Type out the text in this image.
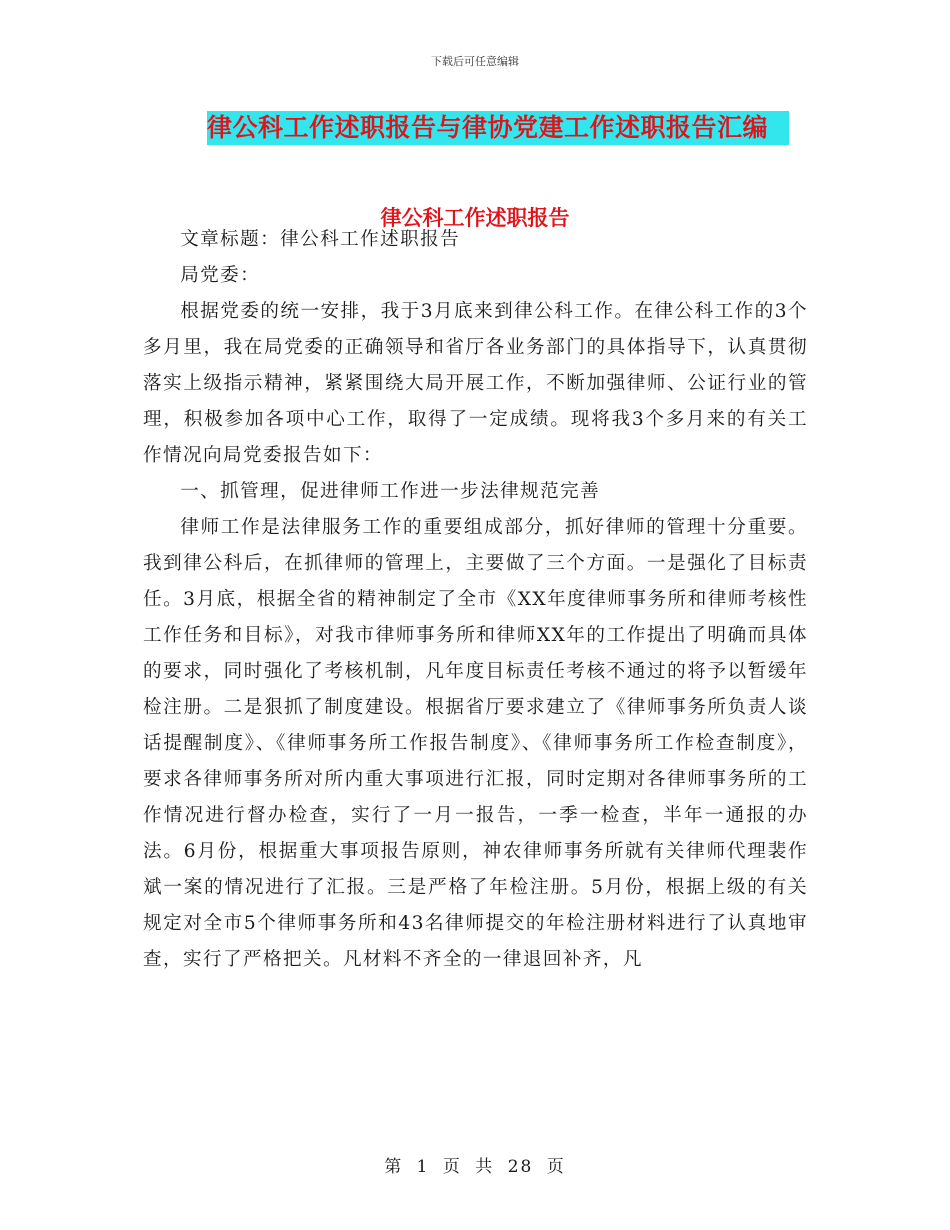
下载后可任意编辑
律公科工作述职报告与律协党建工作述职报告汇编
律公科工作述职报告

文章标题：律公科工作述职报告

局党委：

根据党委的统一安排，我于3月底来到律公科工作。在律公科工作的3个多月里，我在局党委的正确领导和省厅各业务部门的具体指导下，认真贯彻落实上级指示精神，紧紧围绕大局开展工作，不断加强律师、公证行业的管理，积极参加各项中心工作，取得了一定成绩。现将我3个多月来的有关工作情况向局党委报告如下：

一、抓管理，促进律师工作进一步法律规范完善

律师工作是法律服务工作的重要组成部分，抓好律师的管理十分重要。我到律公科后，在抓律师的管理上，主要做了三个方面。一是强化了目标责任。3月底，根据全省的精神制定了全市《XX年度律师事务所和律师考核性工作任务和目标》，对我市律师事务所和律师XX年的工作提出了明确而具体的要求，同时强化了考核机制，凡年度目标责任考核不通过的将予以暂缓年检注册。二是狠抓了制度建设。根据省厅要求建立了《律师事务所负责人谈话提醒制度》、《律师事务所工作报告制度》、《律师事务所工作检查制度》，要求各律师事务所对所内重大事项进行汇报，同时定期对各律师事务所的工作情况进行督办检查，实行了一月一报告，一季一检查，半年一通报的办法。6月份，根据重大事项报告原则，神农律师事务所就有关律师代理裴作斌一案的情况进行了汇报。三是严格了年检注册。5月份，根据上级的有关规定对全市5个律师事务所和43名律师提交的年检注册材料进行了认真地审查，实行了严格把关。凡材料不齐全的一律退回补齐，凡

第 1 页 共 28 页
